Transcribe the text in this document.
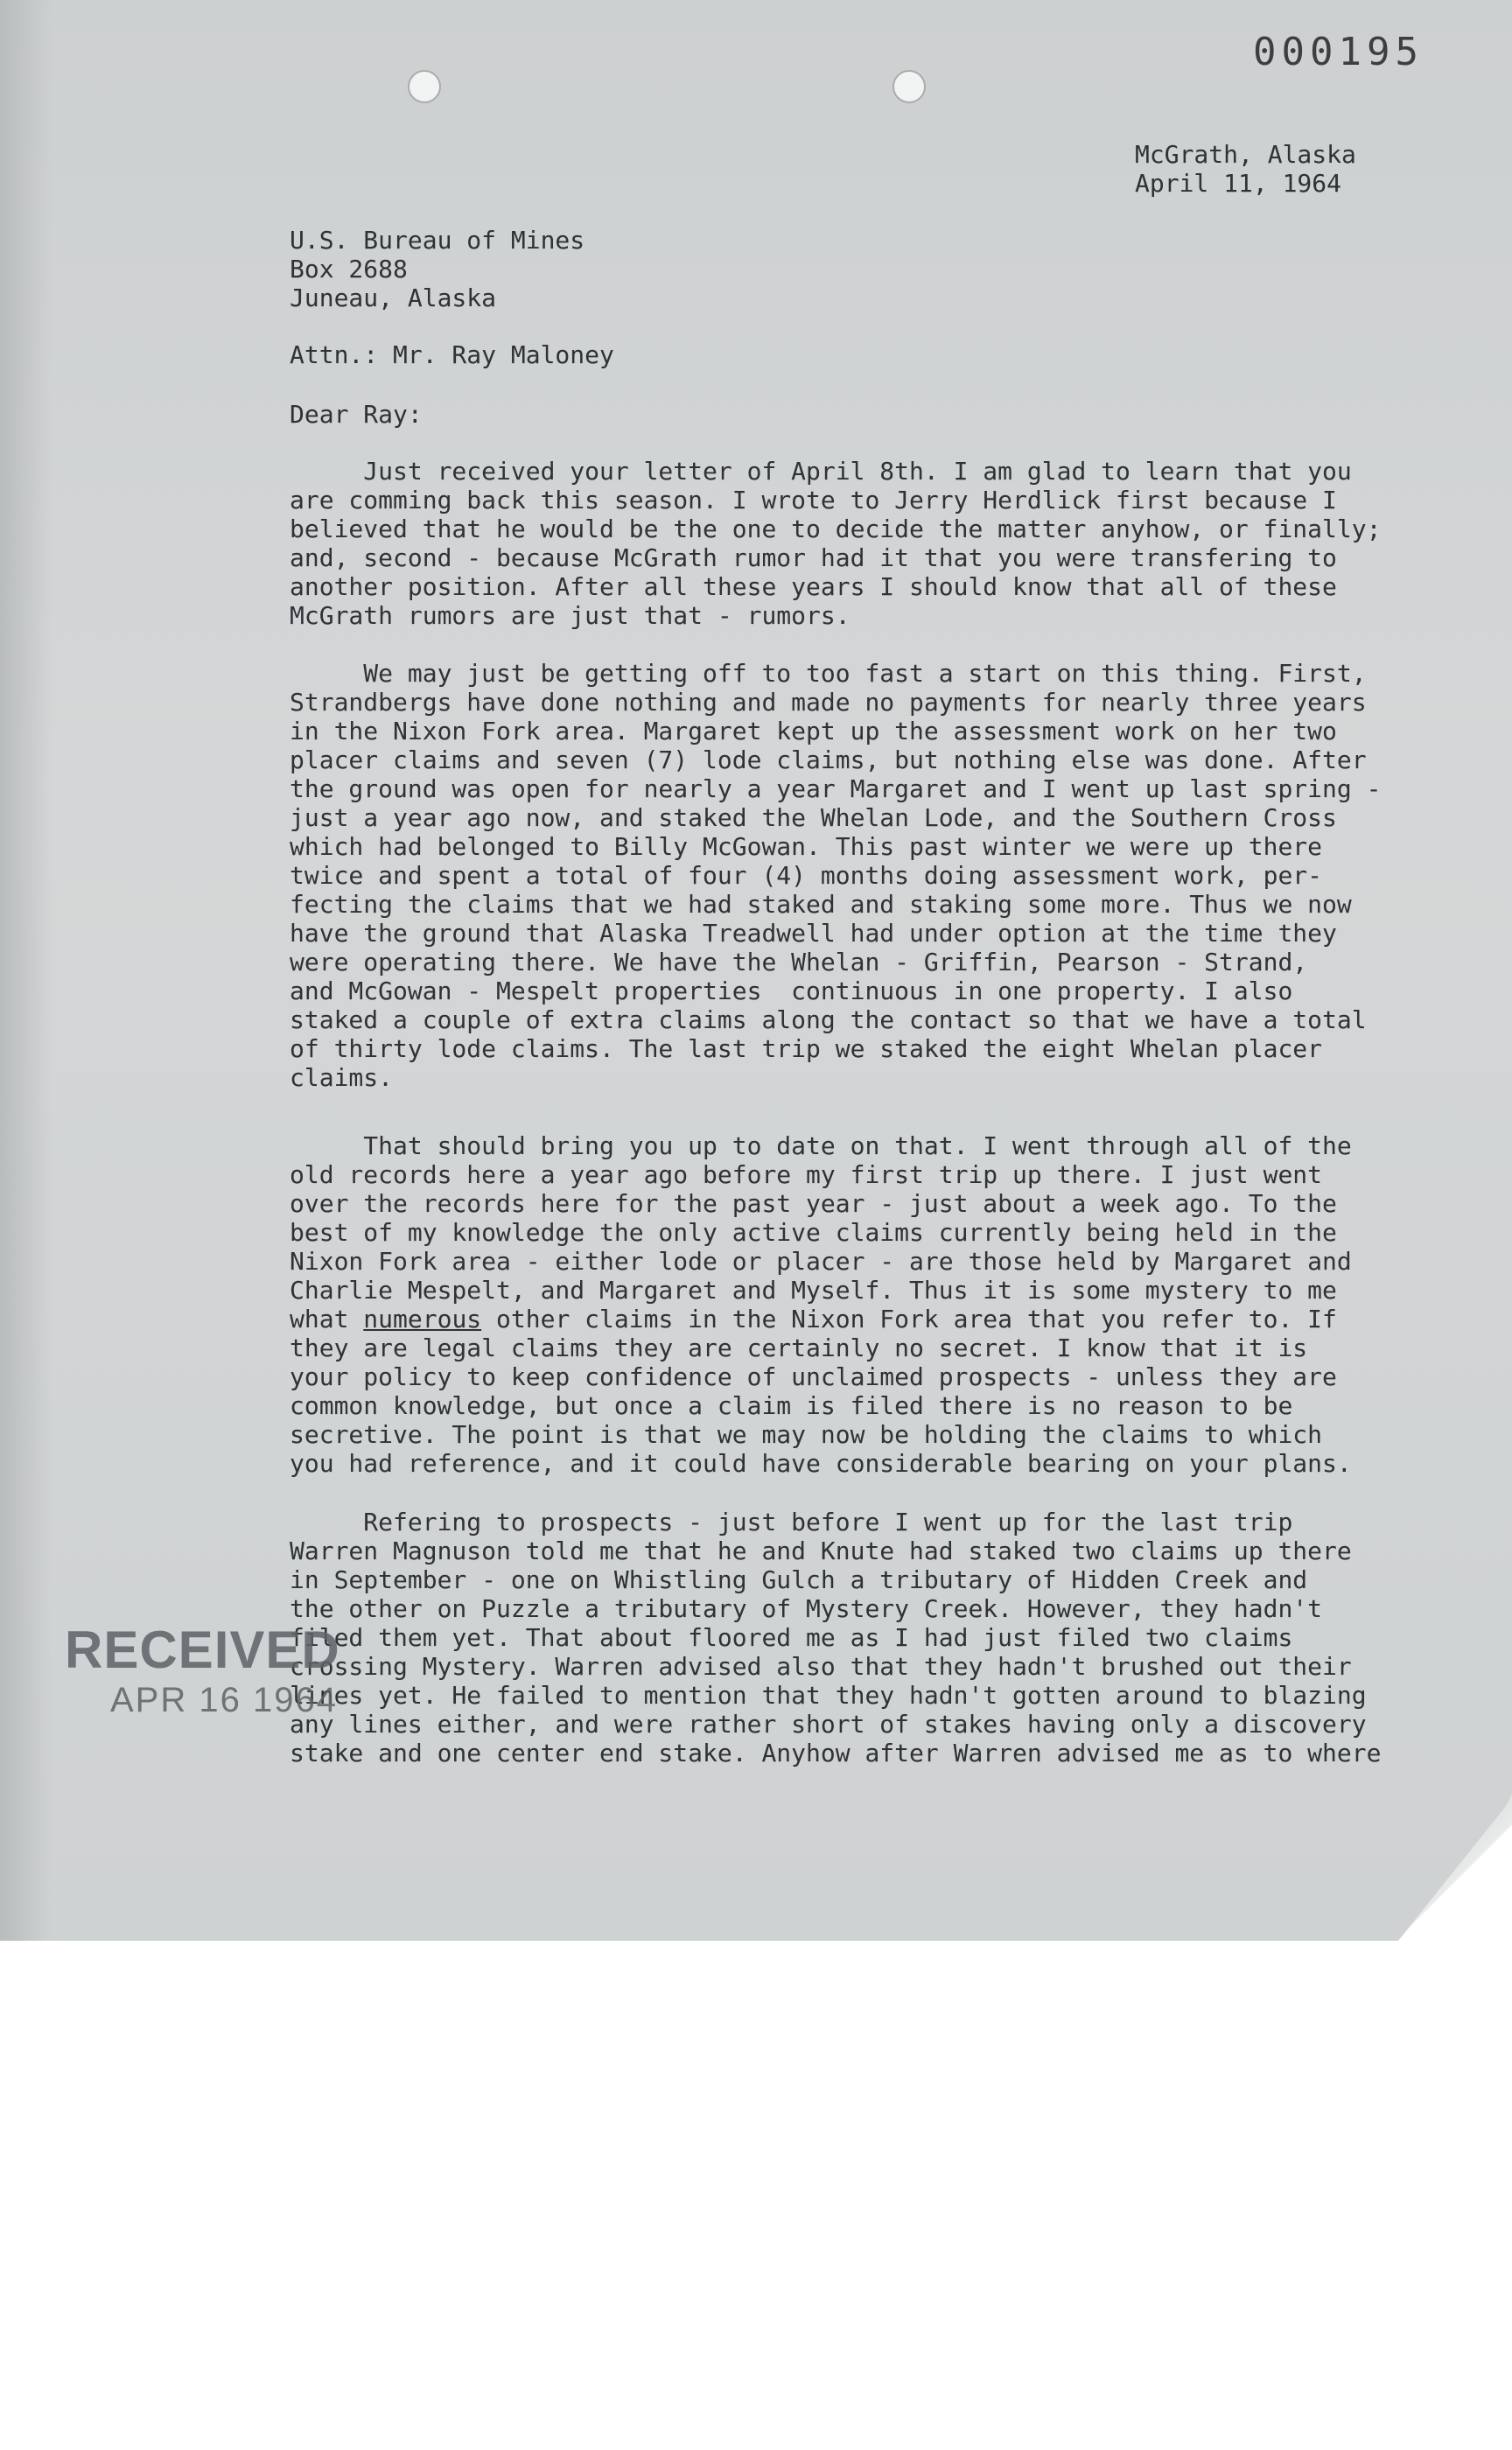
000195
McGrath, Alaska
April 11, 1964
U.S. Bureau of Mines
Box 2688
Juneau, Alaska
Attn.: Mr. Ray Maloney
Dear Ray:
Just received your letter of April 8th. I am glad to learn that you
are comming back this season. I wrote to Jerry Herdlick first because I
believed that he would be the one to decide the matter anyhow, or finally;
and, second - because McGrath rumor had it that you were transfering to
another position. After all these years I should know that all of these
McGrath rumors are just that - rumors.
We may just be getting off to too fast a start on this thing. First,
Strandbergs have done nothing and made no payments for nearly three years
in the Nixon Fork area. Margaret kept up the assessment work on her two
placer claims and seven (7) lode claims, but nothing else was done. After
the ground was open for nearly a year Margaret and I went up last spring -
just a year ago now, and staked the Whelan Lode, and the Southern Cross
which had belonged to Billy McGowan. This past winter we were up there
twice and spent a total of four (4) months doing assessment work, per-
fecting the claims that we had staked and staking some more. Thus we now
have the ground that Alaska Treadwell had under option at the time they
were operating there. We have the Whelan - Griffin, Pearson - Strand,
and McGowan - Mespelt properties  continuous in one property. I also
staked a couple of extra claims along the contact so that we have a total
of thirty lode claims. The last trip we staked the eight Whelan placer
claims.
That should bring you up to date on that. I went through all of the
old records here a year ago before my first trip up there. I just went
over the records here for the past year - just about a week ago. To the
best of my knowledge the only active claims currently being held in the
Nixon Fork area - either lode or placer - are those held by Margaret and
Charlie Mespelt, and Margaret and Myself. Thus it is some mystery to me
what numerous other claims in the Nixon Fork area that you refer to. If
they are legal claims they are certainly no secret. I know that it is
your policy to keep confidence of unclaimed prospects - unless they are
common knowledge, but once a claim is filed there is no reason to be
secretive. The point is that we may now be holding the claims to which
you had reference, and it could have considerable bearing on your plans.
Refering to prospects - just before I went up for the last trip
Warren Magnuson told me that he and Knute had staked two claims up there
in September - one on Whistling Gulch a tributary of Hidden Creek and
the other on Puzzle a tributary of Mystery Creek. However, they hadn't
filed them yet. That about floored me as I had just filed two claims
crossing Mystery. Warren advised also that they hadn't brushed out their
lines yet. He failed to mention that they hadn't gotten around to blazing
any lines either, and were rather short of stakes having only a discovery
stake and one center end stake. Anyhow after Warren advised me as to where
RECEIVED
APR 16 1964
